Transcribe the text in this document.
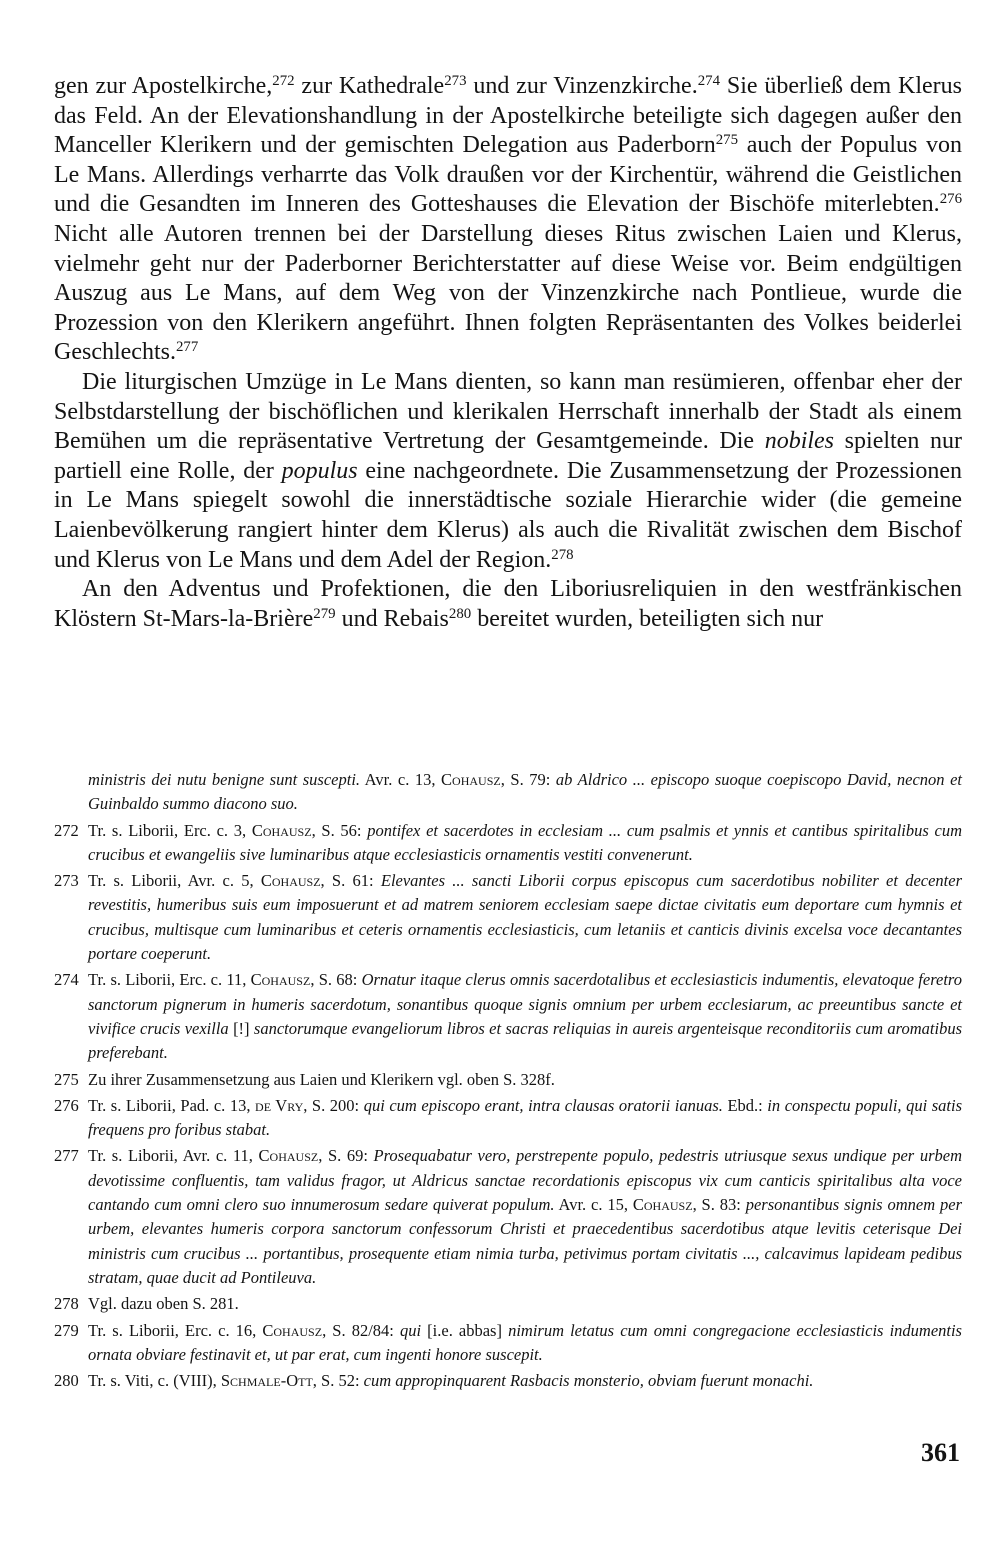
gen zur Apostelkirche,$^{272}$ zur Kathedrale$^{273}$ und zur Vinzenzkirche.$^{274}$ Sie überließ dem Klerus das Feld. An der Elevationshandlung in der Apostelkirche beteiligte sich dagegen außer den Manceller Klerikern und der gemischten Delegation aus Paderborn$^{275}$ auch der Populus von Le Mans. Allerdings verharrte das Volk draußen vor der Kirchentür, während die Geistlichen und die Gesandten im Inneren des Gotteshauses die Elevation der Bischöfe miterlebten.$^{276}$ Nicht alle Autoren trennen bei der Darstellung dieses Ritus zwischen Laien und Klerus, vielmehr geht nur der Paderborner Berichterstatter auf diese Weise vor. Beim endgültigen Auszug aus Le Mans, auf dem Weg von der Vinzenzkirche nach Pontlieue, wurde die Prozession von den Klerikern angeführt. Ihnen folgten Repräsentanten des Volkes beiderlei Geschlechts.$^{277}$

Die liturgischen Umzüge in Le Mans dienten, so kann man resümieren, offenbar eher der Selbstdarstellung der bischöflichen und klerikalen Herrschaft innerhalb der Stadt als einem Bemühen um die repräsentative Vertretung der Gesamtgemeinde. Die nobiles spielten nur partiell eine Rolle, der populus eine nachgeordnete. Die Zusammensetzung der Prozessionen in Le Mans spiegelt sowohl die innerstädtische soziale Hierarchie wider (die gemeine Laienbevölkerung rangiert hinter dem Klerus) als auch die Rivalität zwischen dem Bischof und Klerus von Le Mans und dem Adel der Region.$^{278}$

An den Adventus und Profektionen, die den Liboriusreliquien in den westfränkischen Klöstern St-Mars-la-Brière$^{279}$ und Rebais$^{280}$ bereitet wurden, beteiligten sich nur

ministris dei nutu benigne sunt suscepti. Avr. c. 13, Cohausz, S. 79: ab Aldrico ... episcopo suoque coepiscopo David, necnon et Guinbaldo summo diacono suo.
272 Tr. s. Liborii, Erc. c. 3, Cohausz, S. 56: pontifex et sacerdotes in ecclesiam ... cum psalmis et ynnis et cantibus spiritalibus cum crucibus et ewangeliis sive luminaribus atque ecclesiasticis ornamentis vestiti convenerunt.
273 Tr. s. Liborii, Avr. c. 5, Cohausz, S. 61: Elevantes ... sancti Liborii corpus episcopus cum sacerdotibus nobiliter et decenter revestitis, humeribus suis eum imposuerunt et ad matrem seniorem ecclesiam saepe dictae civitatis eum deportare cum hymnis et crucibus, multisque cum luminaribus et ceteris ornamentis ecclesiasticis, cum letaniis et canticis divinis excelsa voce decantantes portare coeperunt.
274 Tr. s. Liborii, Erc. c. 11, Cohausz, S. 68: Ornatur itaque clerus omnis sacerdotalibus et ecclesiasticis indumentis, elevatoque feretro sanctorum pignerum in humeris sacerdotum, sonantibus quoque signis omnium per urbem ecclesiarum, ac preeuntibus sancte et vivifice crucis vexilla [!] sanctorumque evangeliorum libros et sacras reliquias in aureis argenteisque reconditoriis cum aromatibus preferebant.
275 Zu ihrer Zusammensetzung aus Laien und Klerikern vgl. oben S. 328f.
276 Tr. s. Liborii, Pad. c. 13, de Vry, S. 200: qui cum episcopo erant, intra clausas oratorii ianuas. Ebd.: in conspectu populi, qui satis frequens pro foribus stabat.
277 Tr. s. Liborii, Avr. c. 11, Cohausz, S. 69: Prosequabatur vero, perstrepente populo, pedestris utriusque sexus undique per urbem devotissime confluentis, tam validus fragor, ut Aldricus sanctae recordationis episcopus vix cum canticis spiritalibus alta voce cantando cum omni clero suo innumerosum sedare quiverat populum. Avr. c. 15, Cohausz, S. 83: personantibus signis omnem per urbem, elevantes humeris corpora sanctorum confessorum Christi et praecedentibus sacerdotibus atque levitis ceterisque Dei ministris cum crucibus ... portantibus, prosequente etiam nimia turba, petivimus portam civitatis ..., calcavimus lapideam pedibus stratam, quae ducit ad Pontileuva.
278 Vgl. dazu oben S. 281.
279 Tr. s. Liborii, Erc. c. 16, Cohausz, S. 82/84: qui [i.e. abbas] nimirum letatus cum omni congregacione ecclesiasticis indumentis ornata obviare festinavit et, ut par erat, cum ingenti honore suscepit.
280 Tr. s. Viti, c. (VIII), Schmale-Ott, S. 52: cum appropinquarent Rasbacis monsterio, obviam fuerunt monachi.
361
